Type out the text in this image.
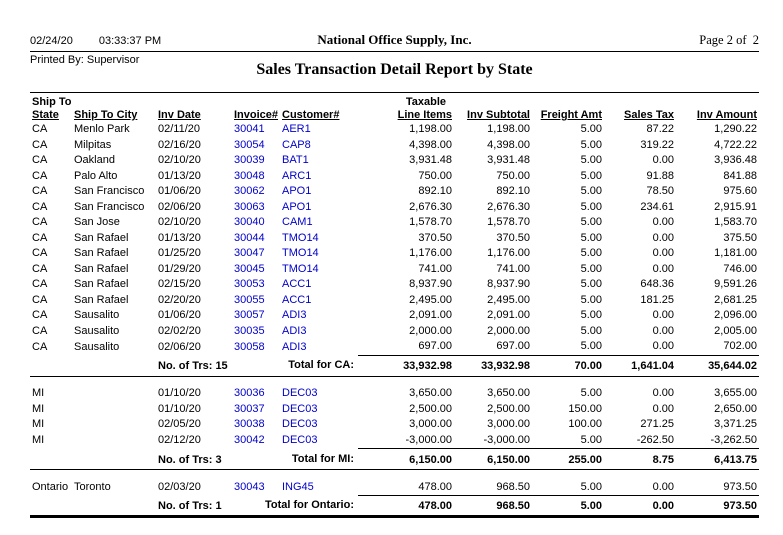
02/24/20 03:33:37 PM	National Office Supply, Inc.	Page 2 of  2
Printed By: Supervisor
Sales Transaction Detail Report by State
Ship To					Taxable				
State	Ship To City	Inv Date	Invoice#	Customer#	Line Items	Inv Subtotal	Freight Amt	Sales Tax	Inv Amount
CA	Menlo Park	02/11/20	30041	AER1	1,198.00	1,198.00	5.00	87.22	1,290.22
CA	Milpitas	02/16/20	30054	CAP8	4,398.00	4,398.00	5.00	319.22	4,722.22
CA	Oakland	02/10/20	30039	BAT1	3,931.48	3,931.48	5.00	0.00	3,936.48
CA	Palo Alto	01/13/20	30048	ARC1	750.00	750.00	5.00	91.88	841.88
CA	San Francisco	01/06/20	30062	APO1	892.10	892.10	5.00	78.50	975.60
CA	San Francisco	02/06/20	30063	APO1	2,676.30	2,676.30	5.00	234.61	2,915.91
CA	San Jose	02/10/20	30040	CAM1	1,578.70	1,578.70	5.00	0.00	1,583.70
CA	San Rafael	01/13/20	30044	TMO14	370.50	370.50	5.00	0.00	375.50
CA	San Rafael	01/25/20	30047	TMO14	1,176.00	1,176.00	5.00	0.00	1,181.00
CA	San Rafael	01/29/20	30045	TMO14	741.00	741.00	5.00	0.00	746.00
CA	San Rafael	02/15/20	30053	ACC1	8,937.90	8,937.90	5.00	648.36	9,591.26
CA	San Rafael	02/20/20	30055	ACC1	2,495.00	2,495.00	5.00	181.25	2,681.25
CA	Sausalito	01/06/20	30057	ADI3	2,091.00	2,091.00	5.00	0.00	2,096.00
CA	Sausalito	02/02/20	30035	ADI3	2,000.00	2,000.00	5.00	0.00	2,005.00
CA	Sausalito	02/06/20	30058	ADI3	697.00	697.00	5.00	0.00	702.00
		No. of Trs: 15		Total for CA:	33,932.98	33,932.98	70.00	1,641.04	35,644.02

MI		01/10/20	30036	DEC03	3,650.00	3,650.00	5.00	0.00	3,655.00
MI		01/10/20	30037	DEC03	2,500.00	2,500.00	150.00	0.00	2,650.00
MI		02/05/20	30038	DEC03	3,000.00	3,000.00	100.00	271.25	3,371.25
MI		02/12/20	30042	DEC03	-3,000.00	-3,000.00	5.00	-262.50	-3,262.50
		No. of Trs: 3		Total for MI:	6,150.00	6,150.00	255.00	8.75	6,413.75

Ontario	Toronto	02/03/20	30043	ING45	478.00	968.50	5.00	0.00	973.50
		No. of Trs: 1		Total for Ontario:	478.00	968.50	5.00	0.00	973.50
